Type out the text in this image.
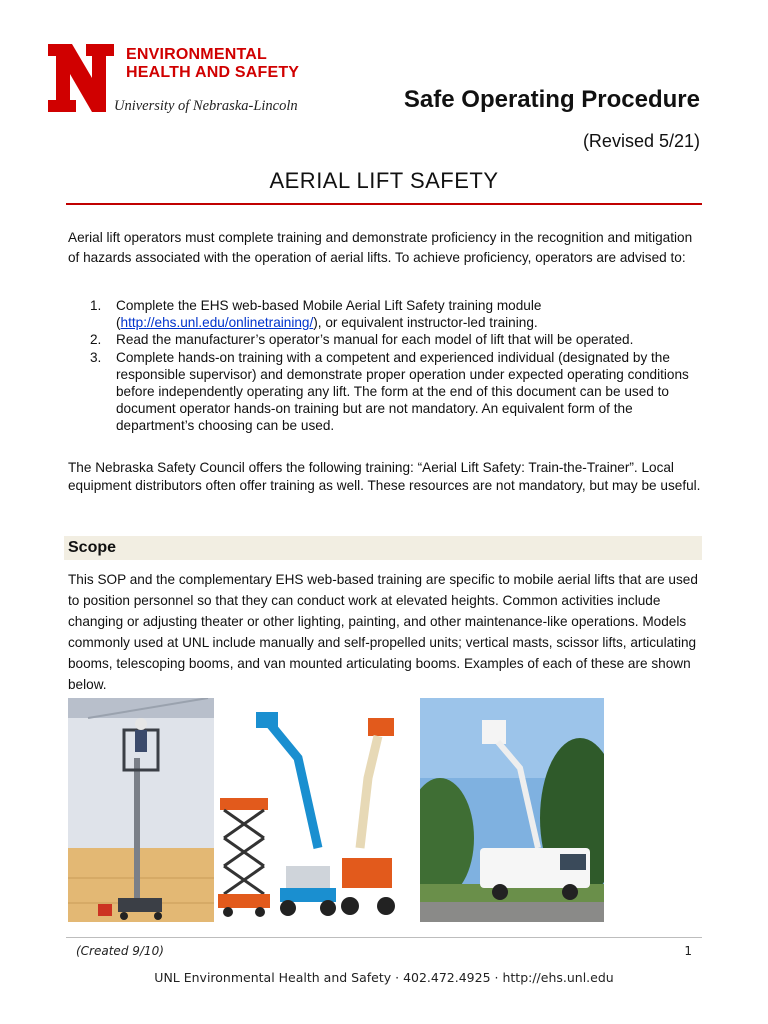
ENVIRONMENTAL
HEALTH AND SAFETY
University of Nebraska-Lincoln	Safe Operating Procedure
(Revised 5/21)
AERIAL LIFT SAFETY
Aerial lift operators must complete training and demonstrate proficiency in the recognition and mitigation of hazards associated with the operation of aerial lifts. To achieve proficiency, operators are advised to:
1. Complete the EHS web-based Mobile Aerial Lift Safety training module (http://ehs.unl.edu/onlinetraining/), or equivalent instructor-led training.
2. Read the manufacturer’s operator’s manual for each model of lift that will be operated.
3. Complete hands-on training with a competent and experienced individual (designated by the responsible supervisor) and demonstrate proper operation under expected operating conditions before independently operating any lift. The form at the end of this document can be used to document operator hands-on training but are not mandatory. An equivalent form of the department’s choosing can be used.
The Nebraska Safety Council offers the following training: “Aerial Lift Safety: Train-the-Trainer”. Local equipment distributors often offer training as well. These resources are not mandatory, but may be useful.
Scope
This SOP and the complementary EHS web-based training are specific to mobile aerial lifts that are used to position personnel so that they can conduct work at elevated heights. Common activities include changing or adjusting theater or other lighting, painting, and other maintenance-like operations. Models commonly used at UNL include manually and self-propelled units; vertical masts, scissor lifts, articulating booms, telescoping booms, and van mounted articulating booms. Examples of each of these are shown below.
(Created 9/10)	1
UNL Environmental Health and Safety · 402.472.4925 · http://ehs.unl.edu
